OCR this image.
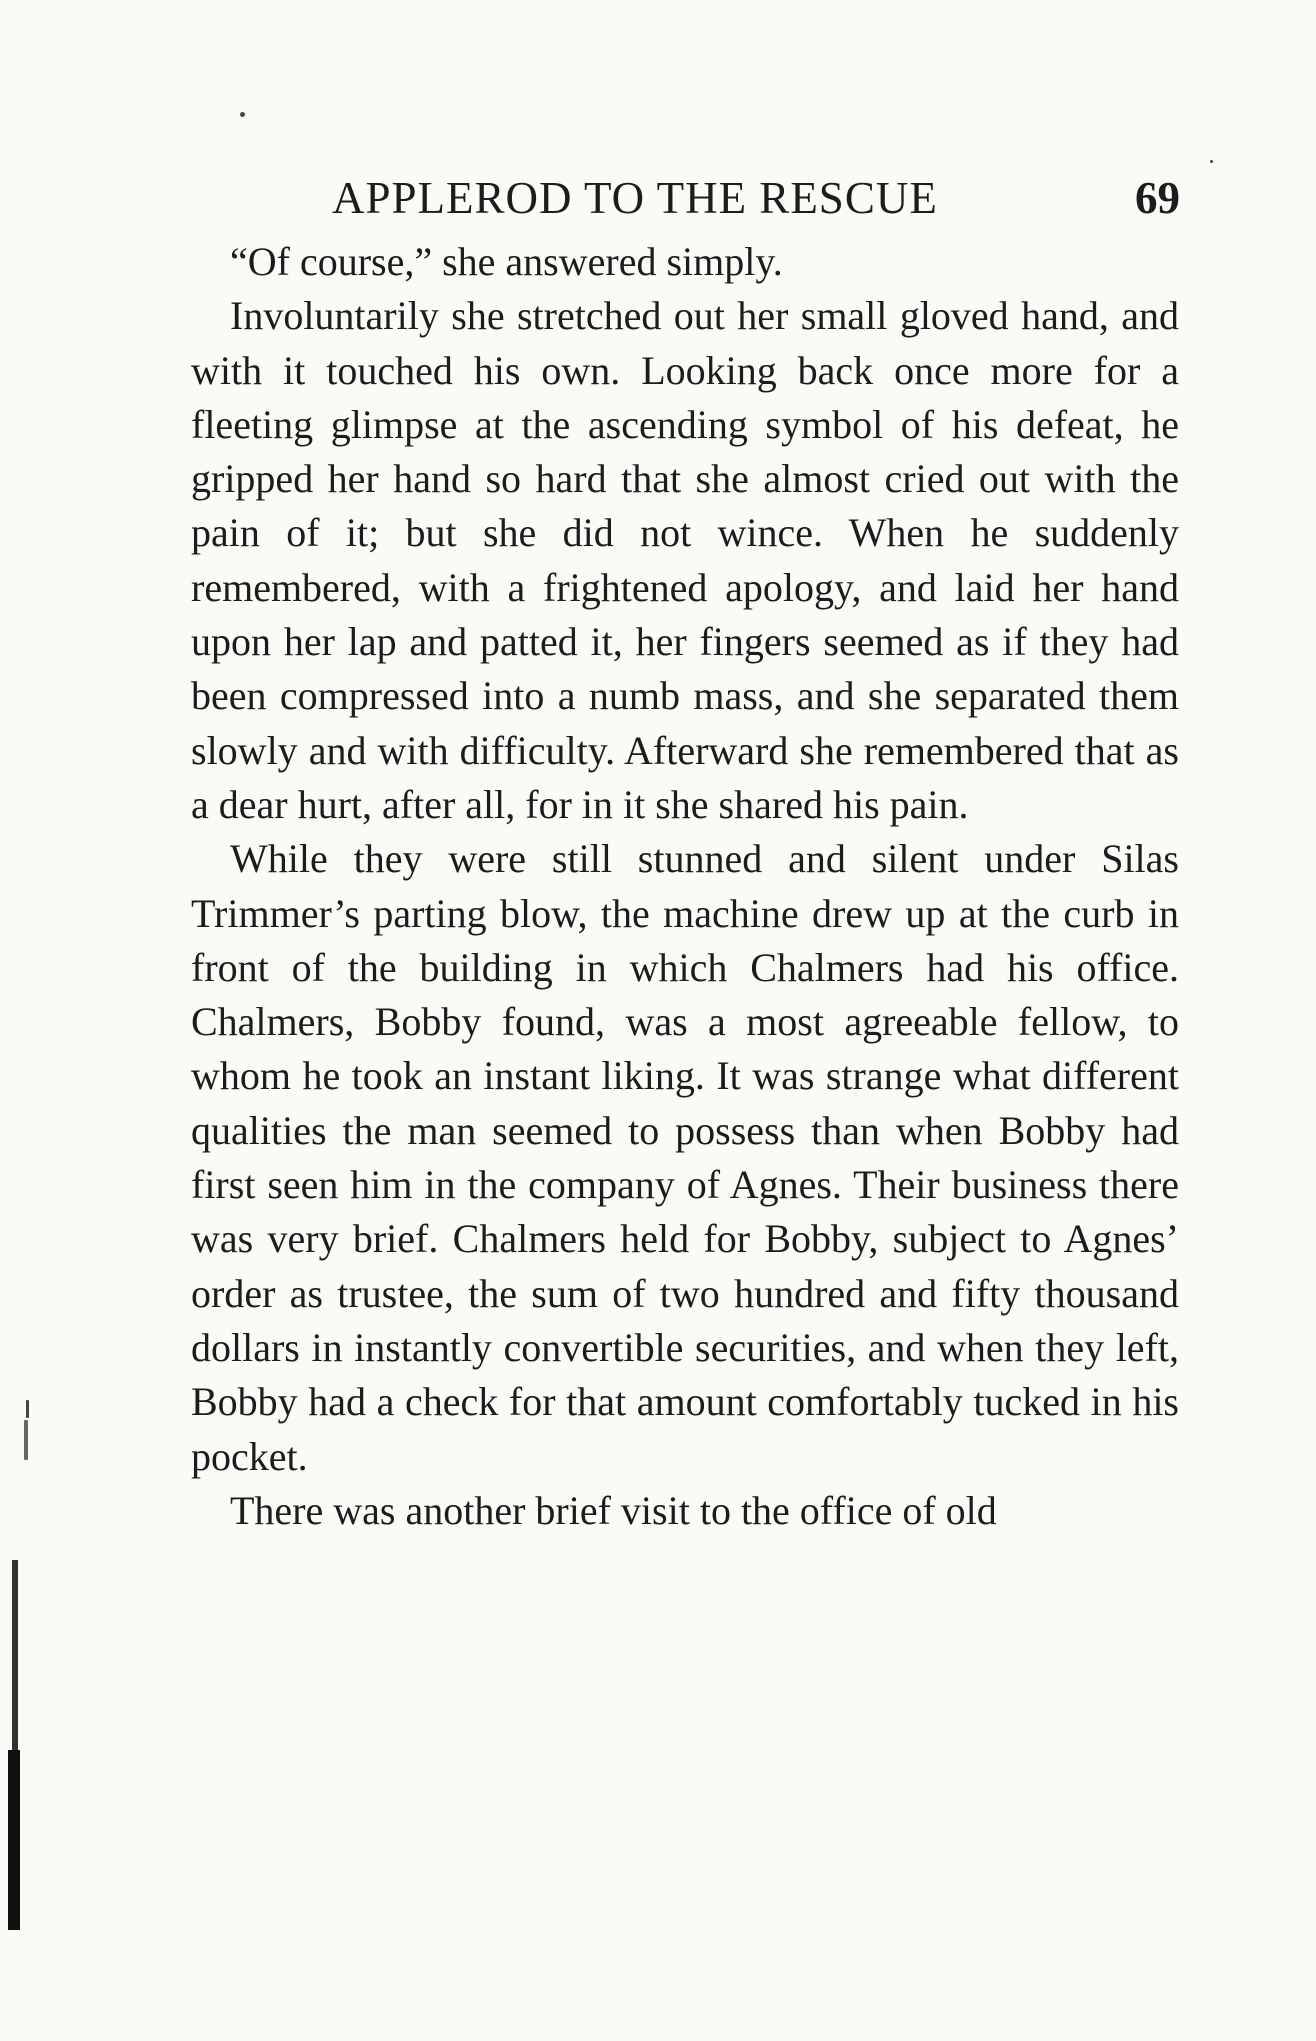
APPLEROD TO THE RESCUE	69

“Of course,” she answered simply.

Involuntarily she stretched out her small gloved hand, and with it touched his own. Looking back once more for a fleeting glimpse at the ascending symbol of his defeat, he gripped her hand so hard that she almost cried out with the pain of it; but she did not wince. When he suddenly remembered, with a frightened apology, and laid her hand upon her lap and patted it, her fingers seemed as if they had been compressed into a numb mass, and she separated them slowly and with difficulty. Afterward she remembered that as a dear hurt, after all, for in it she shared his pain.

While they were still stunned and silent under Silas Trimmer’s parting blow, the machine drew up at the curb in front of the building in which Chalmers had his office. Chalmers, Bobby found, was a most agreeable fellow, to whom he took an instant liking. It was strange what different qualities the man seemed to possess than when Bobby had first seen him in the company of Agnes. Their business there was very brief. Chalmers held for Bobby, subject to Agnes’ order as trustee, the sum of two hundred and fifty thousand dollars in instantly convertible securities, and when they left, Bobby had a check for that amount comfortably tucked in his pocket.

There was another brief visit to the office of old
